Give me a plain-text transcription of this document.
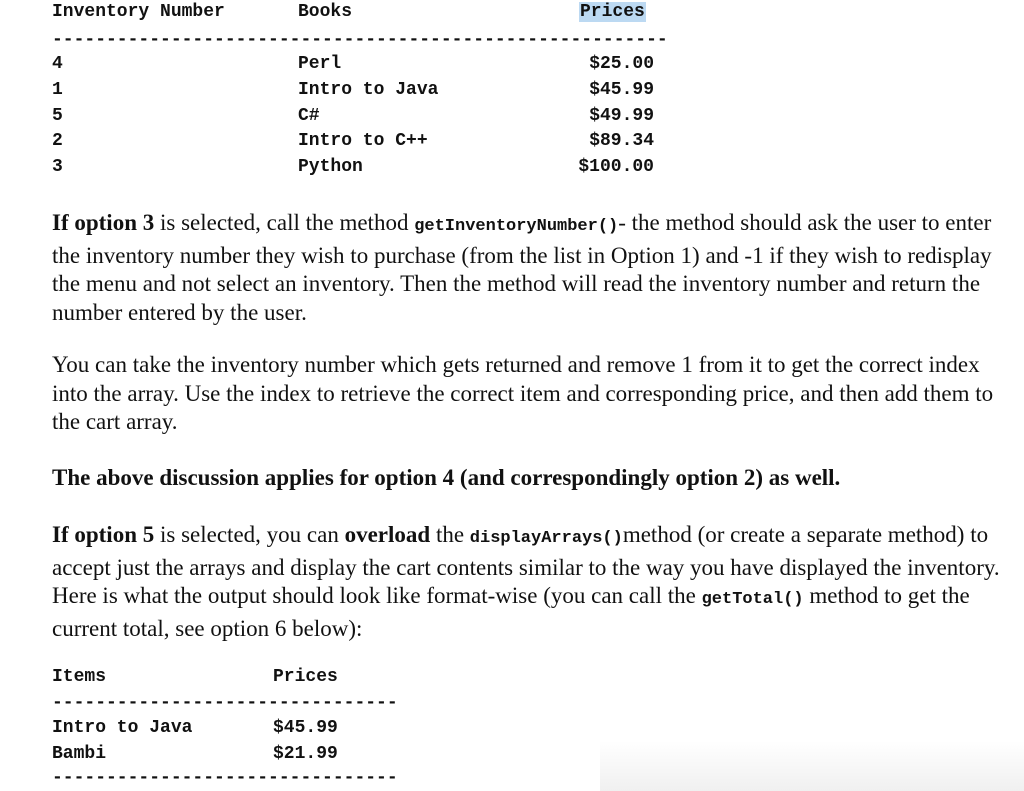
Inventory Number	Books	Prices
---------------------------------------------------------
4	Perl	$25.00
1	Intro to Java	$45.99
5	C#	$49.99
2	Intro to C++	$89.34
3	Python	$100.00
If option 3 is selected, call the method getInventoryNumber()- the method should ask the user to enter the inventory number they wish to purchase (from the list in Option 1) and -1 if they wish to redisplay the menu and not select an inventory. Then the method will read the inventory number and return the number entered by the user.
You can take the inventory number which gets returned and remove 1 from it to get the correct index into the array. Use the index to retrieve the correct item and corresponding price, and then add them to the cart array.
The above discussion applies for option 4 (and correspondingly option 2) as well.
If option 5 is selected, you can overload the displayArrays()method (or create a separate method) to accept just the arrays and display the cart contents similar to the way you have displayed the inventory. Here is what the output should look like format-wise (you can call the getTotal() method to get the current total, see option 6 below):
Items	Prices
--------------------------------
Intro to Java	$45.99
Bambi	$21.99
--------------------------------
